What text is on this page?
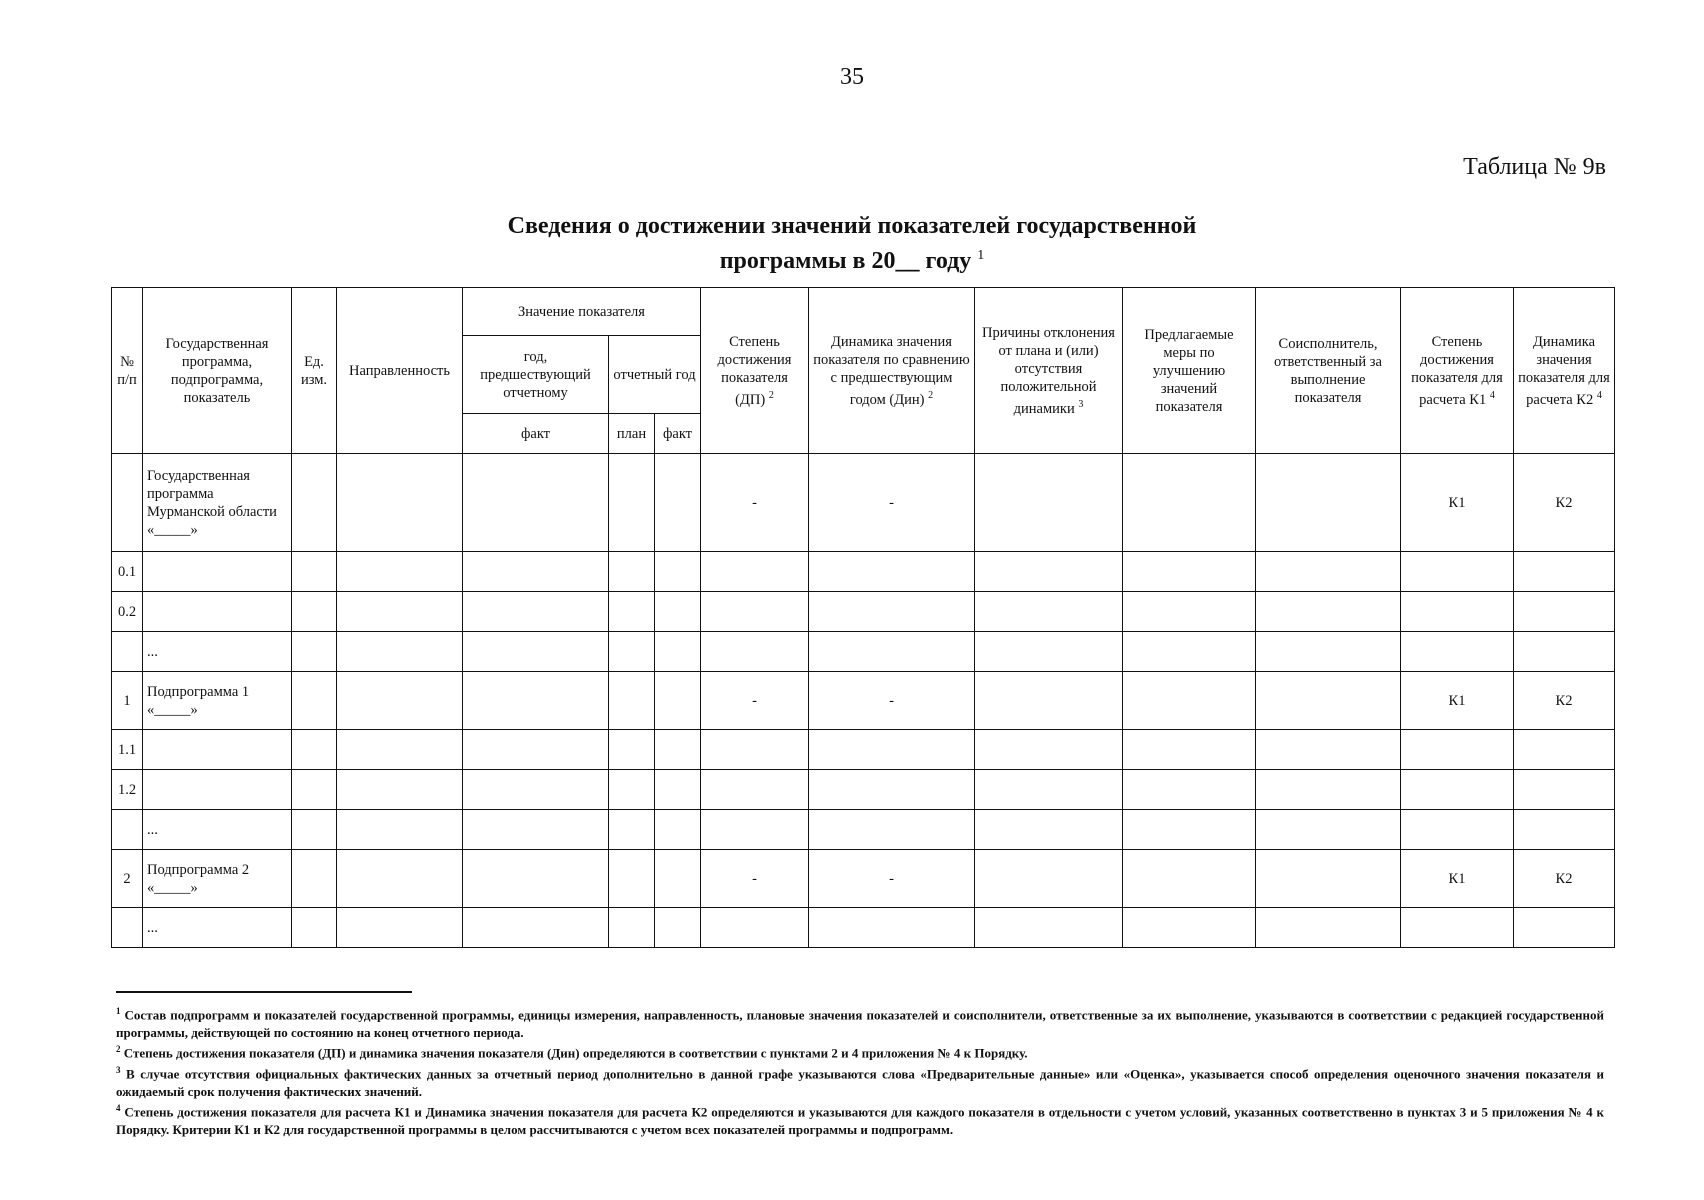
35
Таблица № 9в
Сведения о достижении значений показателей государственной
программы в 20__ году $^1$
№ п/п	Государственная программа, подпрограмма, показатель	Ед. изм.	Направленность	Значение показателя			Степень достижения показателя (ДП) $^2$	Динамика значения показателя по сравнению с предшествующим годом (Дин) $^2$	Причины отклонения от плана и (или) отсутствия положительной динамики $^3$	Предлагаемые меры по улучшению значений показателя	Соисполнитель, ответственный за выполнение показателя	Степень достижения показателя для расчета К1 $^4$	Динамика значения показателя для расчета К2 $^4$
				год, предшествующий отчетному	отчетный год								
				факт	план	факт							
	Государственная программа Мурманской области «_____»						-	-				К1	К2
0.1													
0.2													
	...												
1	Подпрограмма 1 «_____»						-	-				К1	К2
1.1													
1.2													
	...												
2	Подпрограмма 2 «_____»						-	-				К1	К2
	...												

$^1$ Состав подпрограмм и показателей государственной программы, единицы измерения, направленность, плановые значения показателей и соисполнители, ответственные за их выполнение, указываются в соответствии с редакцией государственной программы, действующей по состоянию на конец отчетного периода.

$^2$ Степень достижения показателя (ДП) и динамика значения показателя (Дин) определяются в соответствии с пунктами 2 и 4 приложения № 4 к Порядку.

$^3$ В случае отсутствия официальных фактических данных за отчетный период дополнительно в данной графе указываются слова «Предварительные данные» или «Оценка», указывается способ определения оценочного значения показателя и ожидаемый срок получения фактических значений.

$^4$ Степень достижения показателя для расчета К1 и Динамика значения показателя для расчета К2 определяются и указываются для каждого показателя в отдельности с учетом условий, указанных соответственно в пунктах 3 и 5 приложения № 4 к Порядку. Критерии К1 и К2 для государственной программы в целом рассчитываются с учетом всех показателей программы и подпрограмм.
